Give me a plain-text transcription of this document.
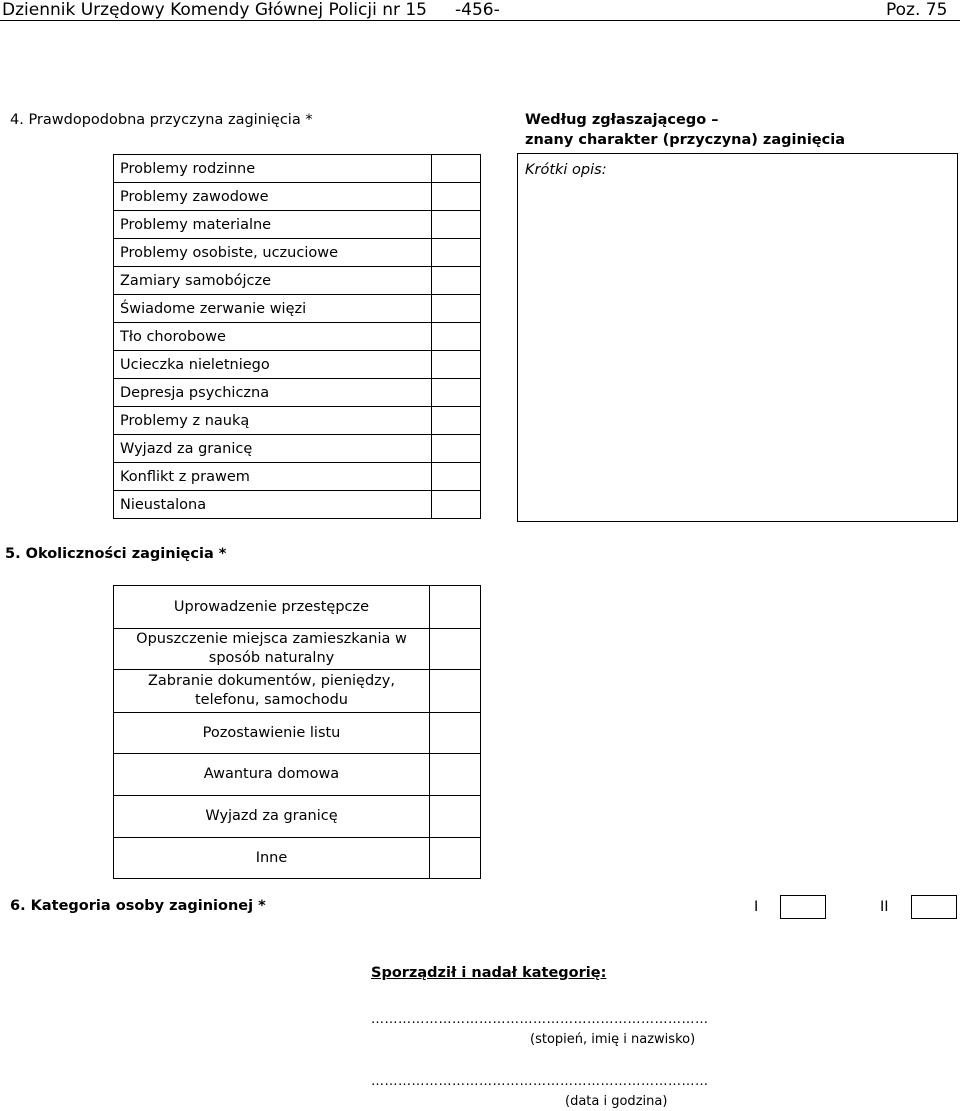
Dziennik Urzędowy Komendy Głównej Policji nr 15 -456-	Poz. 75
4. Prawdopodobna przyczyna zaginięcia *
Problemy rodzinne	
Problemy zawodowe	
Problemy materialne	
Problemy osobiste, uczuciowe	
Zamiary samobójcze	
Świadome zerwanie więzi	
Tło chorobowe	
Ucieczka nieletniego	
Depresja psychiczna	
Problemy z nauką	
Wyjazd za granicę	
Konflikt z prawem	
Nieustalona	
Według zgłaszającego –
znany charakter (przyczyna) zaginięcia
Krótki opis:
5. Okoliczności zaginięcia *
Uprowadzenie przestępcze	
Opuszczenie miejsca zamieszkania w sposób naturalny	
Zabranie dokumentów, pieniędzy, telefonu, samochodu	
Pozostawienie listu	
Awantura domowa	
Wyjazd za granicę	
Inne	
6. Kategoria osoby zaginionej *	I	II
Sporządził i nadał kategorię:
…………………………………………………………………
(stopień, imię i nazwisko)
…………………………………………………………………
(data i godzina)
